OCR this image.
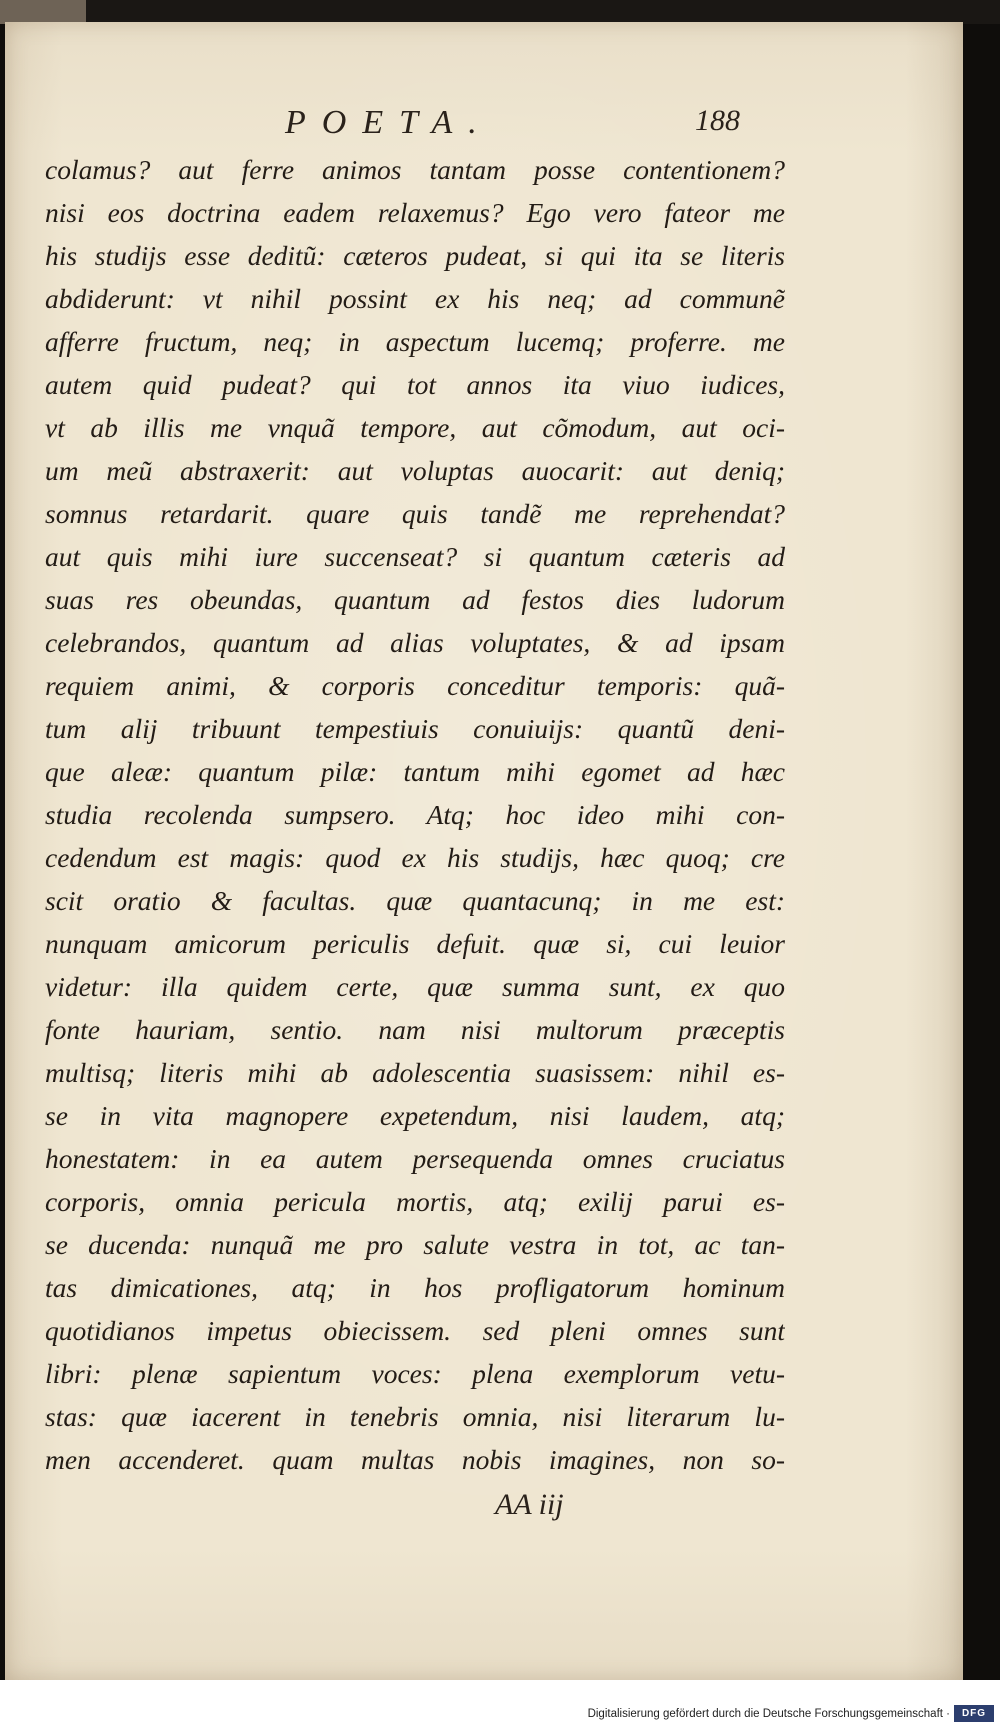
POETA.	188
colamus? aut ferre animos tantam posse contentionem?
nisi eos doctrina eadem relaxemus? Ego vero fateor me
his studijs esse deditũ: cæteros pudeat, si qui ita se literis
abdiderunt: vt nihil possint ex his neq; ad communẽ
afferre fructum, neq; in aspectum lucemq; proferre. me
autem quid pudeat? qui tot annos ita viuo iudices,
vt ab illis me vnquã tempore, aut cõmodum, aut oci-
um meũ abstraxerit: aut voluptas auocarit: aut deniq;
somnus retardarit. quare quis tandẽ me reprehendat?
aut quis mihi iure succenseat? si quantum cæteris ad
suas res obeundas, quantum ad festos dies ludorum
celebrandos, quantum ad alias voluptates, & ad ipsam
requiem animi, & corporis conceditur temporis: quã-
tum alij tribuunt tempestiuis conuiuijs: quantũ deni-
que aleæ: quantum pilæ: tantum mihi egomet ad hæc
studia recolenda sumpsero. Atq; hoc ideo mihi con-
cedendum est magis: quod ex his studijs, hæc quoq; cre
scit oratio & facultas. quæ quantacunq; in me est:
nunquam amicorum periculis defuit. quæ si, cui leuior
videtur: illa quidem certe, quæ summa sunt, ex quo
fonte hauriam, sentio. nam nisi multorum præceptis
multisq; literis mihi ab adolescentia suasissem: nihil es-
se in vita magnopere expetendum, nisi laudem, atq;
honestatem: in ea autem persequenda omnes cruciatus
corporis, omnia pericula mortis, atq; exilij parui es-
se ducenda: nunquã me pro salute vestra in tot, ac tan-
tas dimicationes, atq; in hos profligatorum hominum
quotidianos impetus obiecissem. sed pleni omnes sunt
libri: plenæ sapientum voces: plena exemplorum vetu-
stas: quæ iacerent in tenebris omnia, nisi literarum lu-
men accenderet. quam multas nobis imagines, non so-
AA iij
Digitalisierung gefördert durch die Deutsche Forschungsgemeinschaft ·	DFG
